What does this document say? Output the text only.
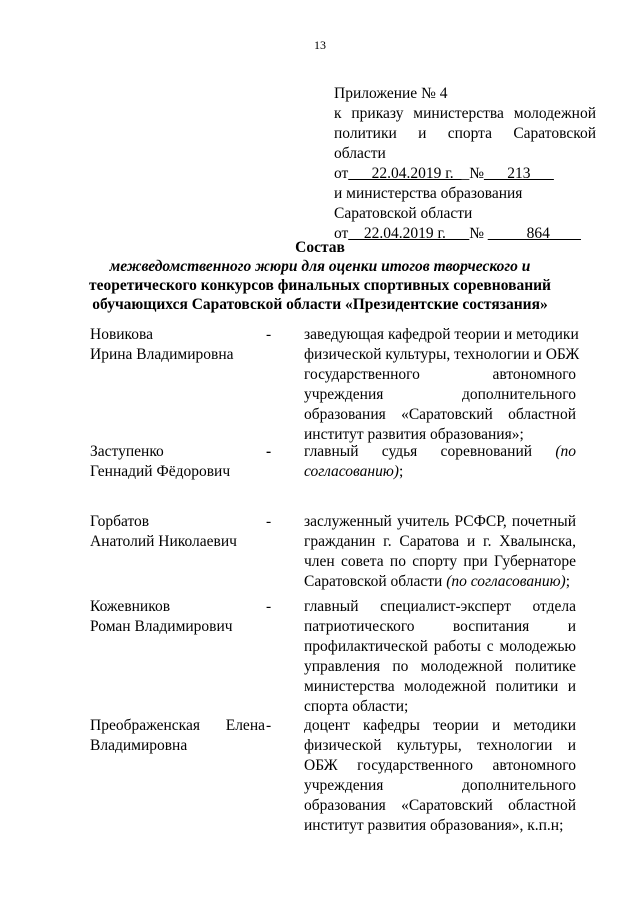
13
Приложение № 4
к приказу министерства молодежной
политики и спорта Саратовской
области
от___22.04.2019 г.__№___213___
и министерства образования
Саратовской области
от__22.04.2019 г.___№ _____864____
Состав
межведомственного жюри для оценки итогов творческого и
теоретического конкурсов финальных спортивных соревнований
обучающихся Саратовской области «Президентские состязания»
Новикова
Ирина Владимировна
-	заведующая кафедрой теории и методики
физической культуры, технологии и ОБЖ
государственного автономного
учреждения дополнительного
образования «Саратовский областной
институт развития образования»;
Заступенко
Геннадий Фёдорович
-	главный судья соревнований (по
согласованию);
Горбатов
Анатолий Николаевич
-	заслуженный учитель РСФСР, почетный
гражданин г. Саратова и г. Хвалынска,
член совета по спорту при Губернаторе
Саратовской области (по согласованию);
Кожевников
Роман Владимирович
-	главный специалист-эксперт отдела
патриотического воспитания и
профилактической работы с молодежью
управления по молодежной политике
министерства молодежной политики и
спорта области;
Преображенская Елена
Владимировна
-	доцент кафедры теории и методики
физической культуры, технологии и
ОБЖ государственного автономного
учреждения дополнительного
образования «Саратовский областной
институт развития образования», к.п.н;
